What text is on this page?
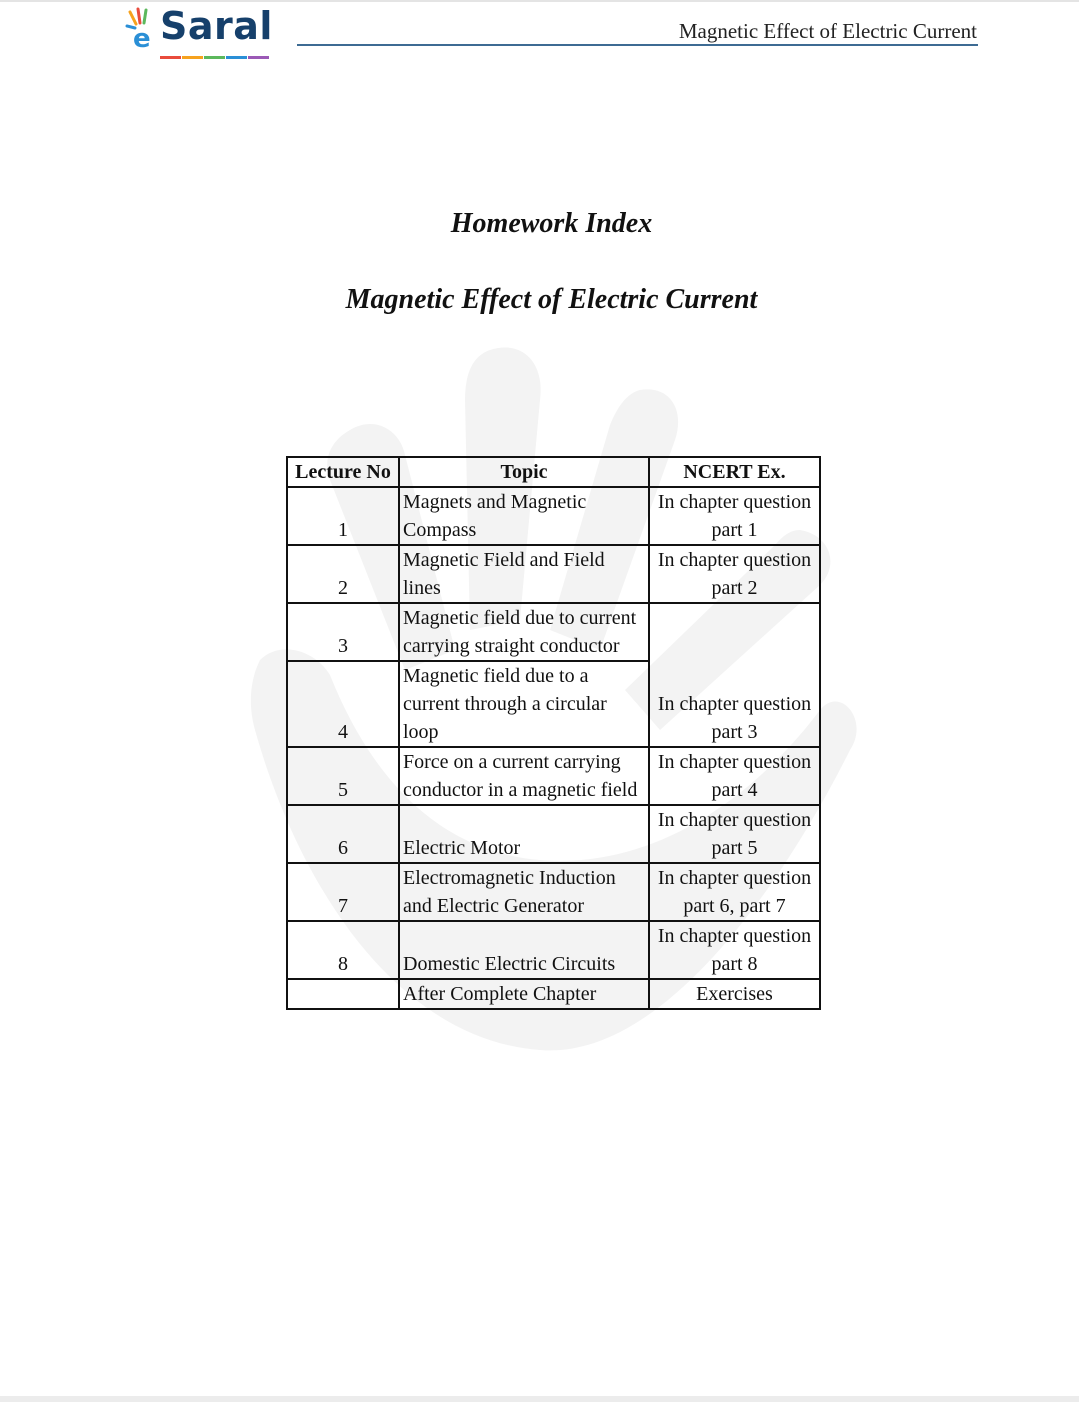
e Saral	Magnetic Effect of Electric Current
Homework Index
Magnetic Effect of Electric Current
Lecture No	Topic	NCERT Ex.
1	Magnets and Magnetic Compass	In chapter question part 1
2	Magnetic Field and Field lines	In chapter question part 2
3	Magnetic field due to current carrying straight conductor	In chapter question part 3
4	Magnetic field due to a current through a circular loop	
5	Force on a current carrying conductor in a magnetic field	In chapter question part 4
6	Electric Motor	In chapter question part 5
7	Electromagnetic Induction and Electric Generator	In chapter question part 6, part 7
8	Domestic Electric Circuits	In chapter question part 8
	After Complete Chapter	Exercises
